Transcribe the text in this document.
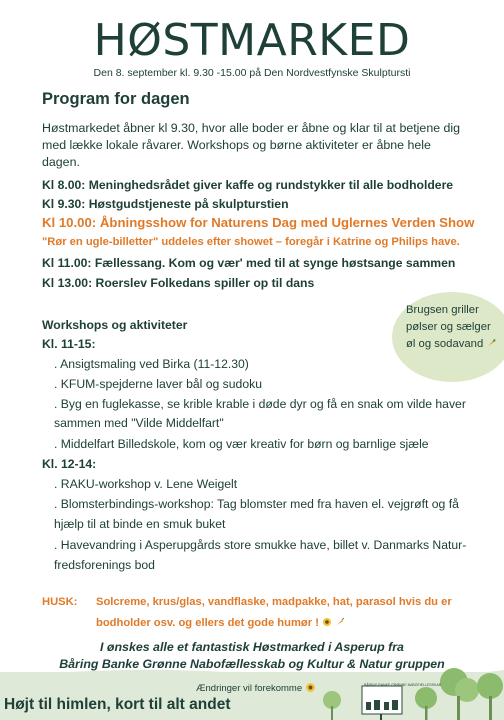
HØSTMARKED
Den 8. september kl. 9.30 -15.00 på Den Nordvestfynske Skulptursti
Program for dagen
Høstmarkedet åbner kl 9.30, hvor alle boder er åbne og klar til at betjene dig
med lække lokale råvarer. Workshops og børne aktiviteter er åbne hele dagen.
Kl 8.00: Meninghedsrådet giver kaffe og rundstykker til alle bodholdere
Kl 9.30: Høstgudstjeneste på skulpturstien
Kl 10.00: Åbningsshow for Naturens Dag med Uglernes Verden Show
"Rør en ugle-billetter" uddeles efter showet – foregår i Katrine og Philips have.
Kl 11.00: Fællessang. Kom og vær' med til at synge høstsange sammen
Kl 13.00: Roerslev Folkedans spiller op til dans
Brugsen griller
pølser og sælger
øl og sodavand
Workshops og aktiviteter
Kl. 11-15:
. Ansigtsmaling ved Birka (11-12.30)
. KFUM-spejderne laver bål og sudoku
. Byg en fuglekasse, se krible krable i døde dyr og få en snak om vilde haver
sammen med "Vilde Middelfart"
. Middelfart Billedskole, kom og vær kreativ for børn og barnlige sjæle
Kl. 12-14:
. RAKU-workshop v. Lene Weigelt
. Blomsterbindings-workshop: Tag blomster med fra haven el. vejgrøft og få
hjælp til at binde en smuk buket
. Havevandring i Asperupgårds store smukke have, billet v. Danmarks Natur-
fredsforenings bod
HUSK: Solcreme, krus/glas, vandflaske, madpakke, hat, parasol hvis du er
bodholder osv. og ellers det gode humør !
I ønskes alle et fantastisk Høstmarked i Asperup fra
Båring Banke Grønne Nabofællesskab og Kultur & Natur gruppen
Ændringer vil forekomme
Højt til himlen, kort til alt andet
BÅRING BANKE GRØNNE NABOFÆLLESSKAB
